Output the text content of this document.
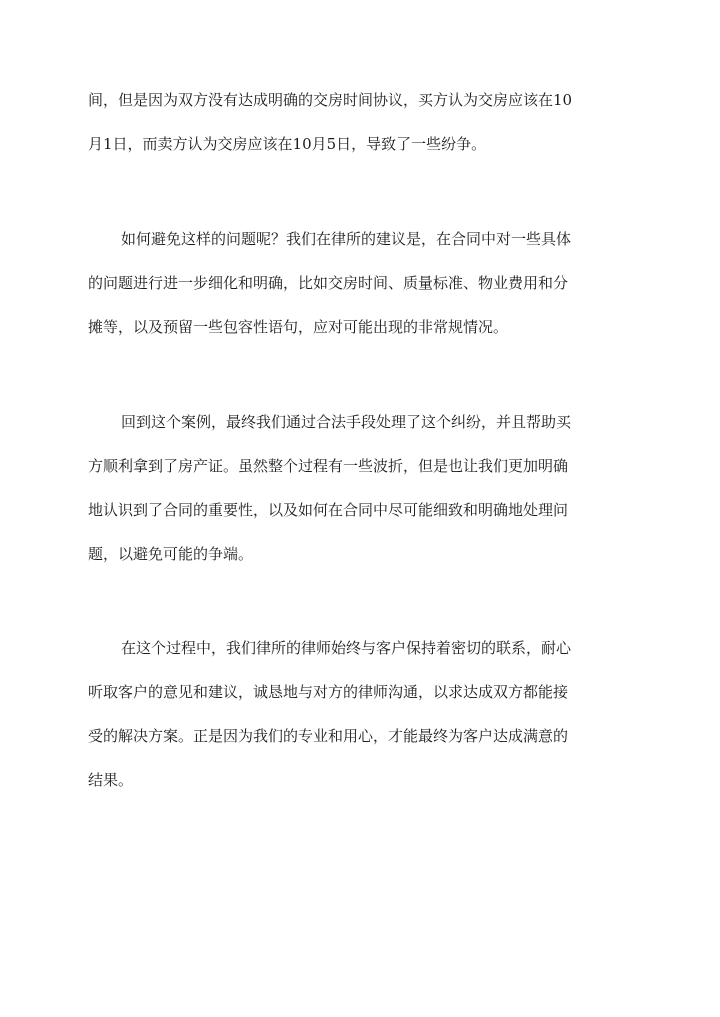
间，但是因为双方没有达成明确的交房时间协议，买方认为交房应该在10
月1日，而卖方认为交房应该在10月5日，导致了一些纷争。

如何避免这样的问题呢？我们在律所的建议是，在合同中对一些具体
的问题进行进一步细化和明确，比如交房时间、质量标准、物业费用和分
摊等，以及预留一些包容性语句，应对可能出现的非常规情况。

回到这个案例，最终我们通过合法手段处理了这个纠纷，并且帮助买
方顺利拿到了房产证。虽然整个过程有一些波折，但是也让我们更加明确
地认识到了合同的重要性，以及如何在合同中尽可能细致和明确地处理问
题，以避免可能的争端。

在这个过程中，我们律所的律师始终与客户保持着密切的联系，耐心
听取客户的意见和建议，诚恳地与对方的律师沟通，以求达成双方都能接
受的解决方案。正是因为我们的专业和用心，才能最终为客户达成满意的
结果。
